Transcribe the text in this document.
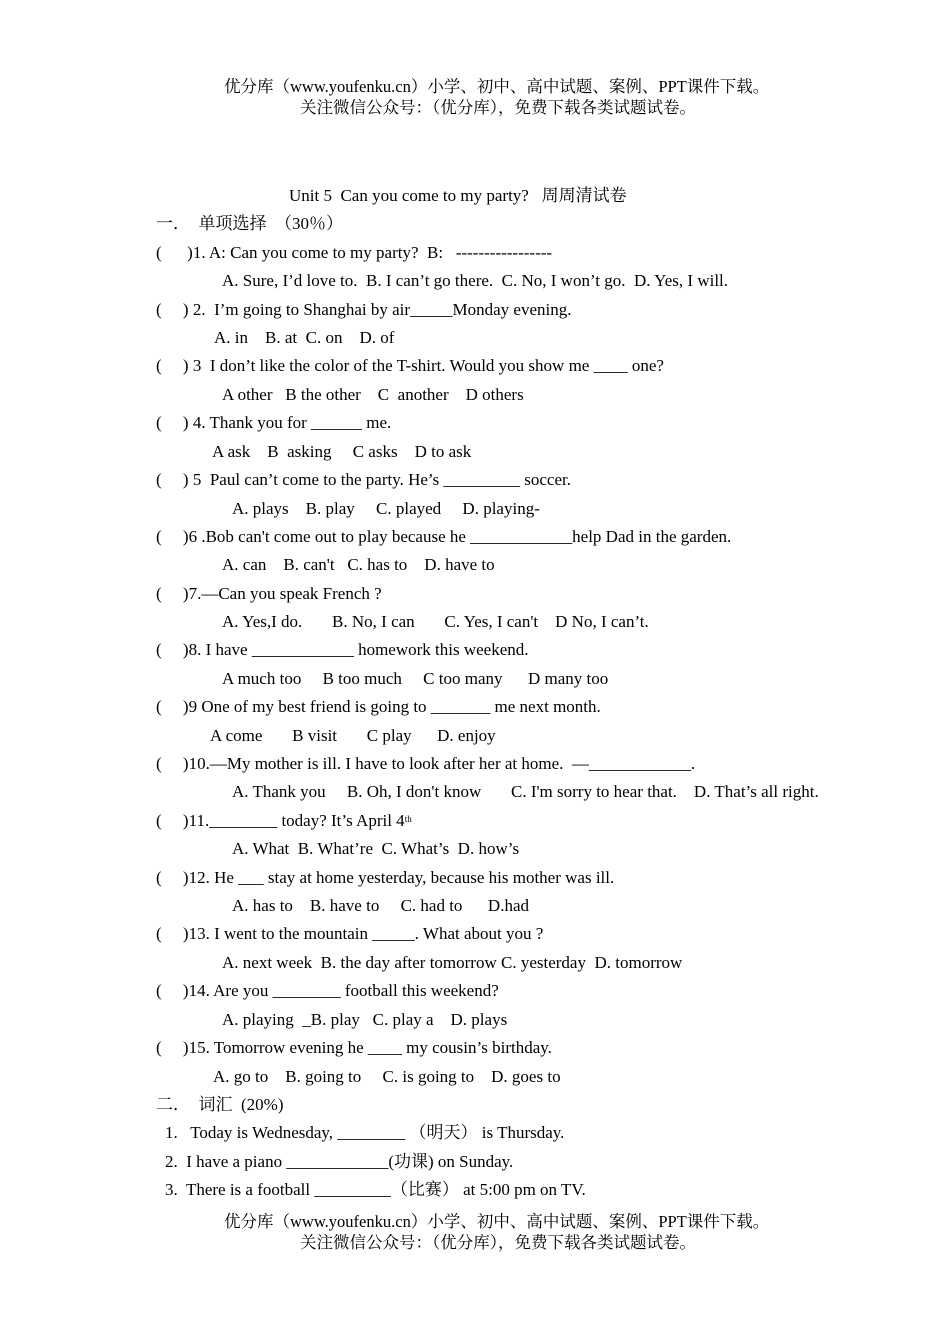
优分库（www.youfenku.cn）小学、初中、高中试题、案例、PPT课件下载。
关注微信公众号：（优分库），免费下载各类试题试卷。
Unit 5  Can you come to my party?   周周清试卷
一．  单项选择  （30％）
(      )1. A: Can you come to my party?  B:   -----------------
A. Sure, I’d love to.  B. I can’t go there.  C. No, I won’t go.  D. Yes, I will.
(     ) 2.  I’m going to Shanghai by air_____Monday evening.
A. in    B. at  C. on    D. of
(     ) 3  I don’t like the color of the T-shirt. Would you show me ____ one?
A other   B the other    C  another    D others
(     ) 4. Thank you for ______ me.
A ask    B  asking     C asks    D to ask
(     ) 5  Paul can’t come to the party. He’s _________ soccer.
A. plays    B. play     C. played     D. playing-
(     )6 .Bob can't come out to play because he ____________help Dad in the garden.
A. can    B. can't   C. has to    D. have to
(     )7.—Can you speak French ?
A. Yes,I do.       B. No, I can       C. Yes, I can't    D No, I can’t.
(     )8. I have ____________ homework this weekend.
A much too     B too much     C too many      D many too
(     )9 One of my best friend is going to _______ me next month.
A come       B visit       C play      D. enjoy
(     )10.—My mother is ill. I have to look after her at home.  —____________.
A. Thank you     B. Oh, I don't know       C. I'm sorry to hear that.    D. That’s all right.
(     )11.________ today? It’s April 4th
A. What  B. What’re  C. What’s  D. how’s
(     )12. He ___ stay at home yesterday, because his mother was ill.
A. has to    B. have to     C. had to      D.had
(     )13. I went to the mountain _____. What about you ?
A. next week  B. the day after tomorrow C. yesterday  D. tomorrow
(     )14. Are you ________ football this weekend?
A. playing  _B. play   C. play a    D. plays
(     )15. Tomorrow evening he ____ my cousin’s birthday.
A. go to    B. going to     C. is going to    D. goes to
二．  词汇  (20%)
1.   Today is Wednesday, ________ （明天） is Thursday.
2.  I have a piano ____________(功课) on Sunday.
3.  There is a football _________（比赛） at 5:00 pm on TV.
优分库（www.youfenku.cn）小学、初中、高中试题、案例、PPT课件下载。
关注微信公众号：（优分库），免费下载各类试题试卷。
